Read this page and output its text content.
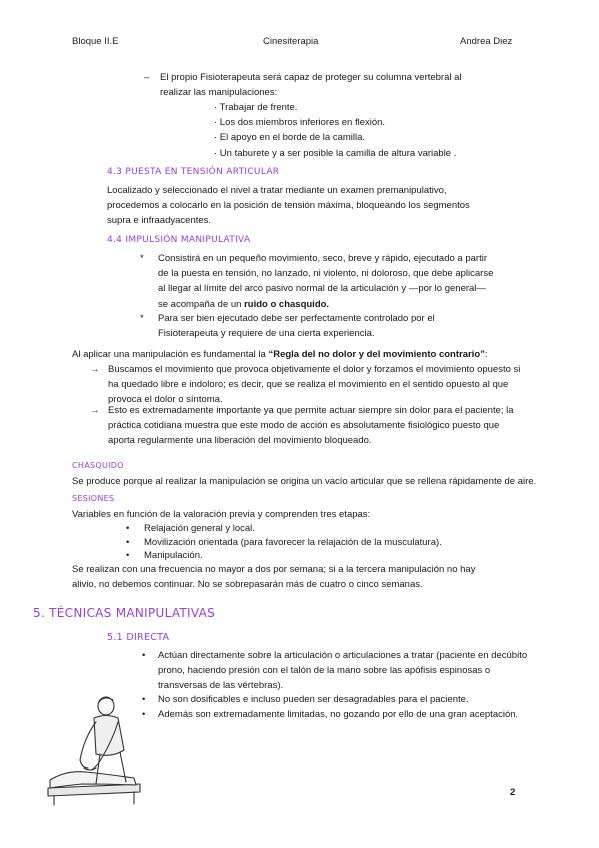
Bloque II.E	Cinesiterapia	Andrea Diez
– El propio Fisioterapeuta será capaz de proteger su columna vertebral al
realizar las manipulaciones:
· Trabajar de frente.
· Los dos miembros inferiores en flexión.
· El apoyo en el borde de la camilla.
· Un taburete y a ser posible la camilla de altura variable .
4.3 PUESTA EN TENSIÓN ARTICULAR
Localizado y seleccionado el nivel a tratar mediante un examen premanipulativo,
procedemos a colocarlo en la posición de tensión máxima, bloqueando los segmentos
supra e infraadyacentes.
4.4 IMPULSIÓN MANIPULATIVA
* Consistirá en un pequeño movimiento, seco, breve y rápido, ejecutado a partir
de la puesta en tensión, no lanzado, ni violento, ni doloroso, que debe aplicarse
al llegar al límite del arco pasivo normal de la articulación y —por lo general—
se acompaña de un ruido o chasquido.
* Para ser bien ejecutado debe ser perfectamente controlado por el
Fisioterapeuta y requiere de una cierta experiencia.
Al aplicar una manipulación es fundamental la “Regla del no dolor y del movimiento contrario”:
→ Buscamos el movimiento que provoca objetivamente el dolor y forzamos el movimiento opuesto si
ha quedado libre e indoloro; es decir, que se realiza el movimiento en el sentido opuesto al que
provoca el dolor o síntoma.
→ Esto es extremadamente importante ya que permite actuar siempre sin dolor para el paciente; la
práctica cotidiana muestra que este modo de acción es absolutamente fisiológico puesto que
aporta regularmente una liberación del movimiento bloqueado.
CHASQUIDO
Se produce porque al realizar la manipulación se origina un vacío articular que se rellena rápidamente de aire.
SESIONES
Variables en función de la valoración previa y comprenden tres etapas:
• Relajación general y local.
• Movilización orientada (para favorecer la relajación de la musculatura).
• Manipulación.
Se realizan con una frecuencia no mayor a dos por semana; si a la tercera manipulación no hay
alivio, no debemos continuar. No se sobrepasarán más de cuatro o cinco semanas.
5. TÉCNICAS MANIPULATIVAS
5.1 DIRECTA
• Actúan directamente sobre la articulación o articulaciones a tratar (paciente en decúbito
prono, haciendo presión con el talón de la mano sobre las apófisis espinosas o
transversas de las vértebras).
• No son dosificables e incluso pueden ser desagradables para el paciente.
• Además son extremadamente limitadas, no gozando por ello de una gran aceptación.
2
